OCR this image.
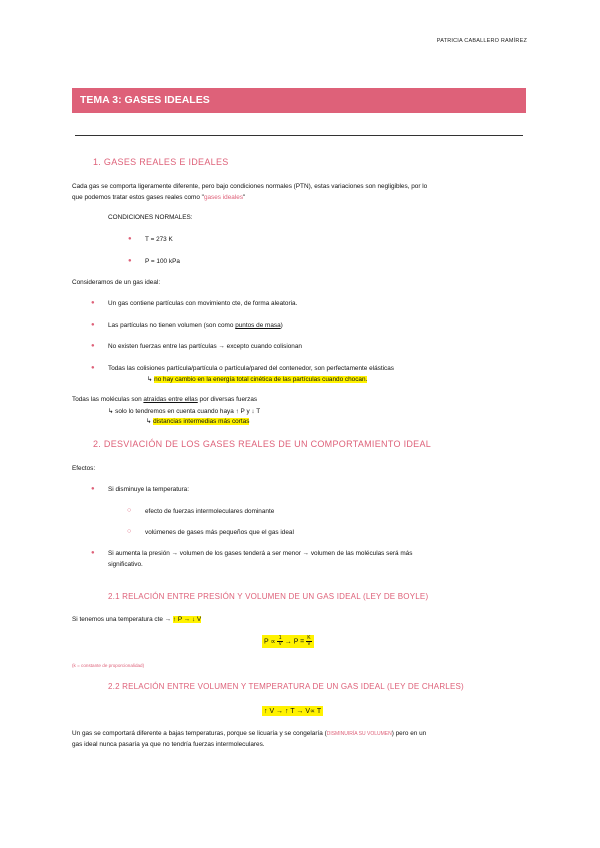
PATRICIA CABALLERO RAMÍREZ
TEMA 3: GASES IDEALES
1. GASES REALES E IDEALES
Cada gas se comporta ligeramente diferente, pero bajo condiciones normales (PTN), estas variaciones son negligibles, por lo
que podemos tratar estos gases reales como "gases ideales"
CONDICIONES NORMALES:
● T = 273 K
● P = 100 kPa
Consideramos de un gas ideal:
● Un gas contiene partículas con movimiento cte, de forma aleatoria.
● Las partículas no tienen volumen (son como puntos de masa)
● No existen fuerzas entre las partículas → excepto cuando colisionan
● Todas las colisiones partícula/partícula o partícula/pared del contenedor, son perfectamente elásticas
↳ no hay cambio en la energía total cinética de las partículas cuando chocan.
Todas las moléculas son atraídas entre ellas por diversas fuerzas
↳ solo lo tendremos en cuenta cuando haya ↑ P y ↓ T
↳ distancias intermedias más cortas
2. DESVIACIÓN DE LOS GASES REALES DE UN COMPORTAMIENTO IDEAL
Efectos:
● Si disminuye la temperatura:
○ efecto de fuerzas intermoleculares dominante
○ volúmenes de gases más pequeños que el gas ideal
● Si aumenta la presión → volumen de los gases tenderá a ser menor → volumen de las moléculas será más
significativo.
2.1 RELACIÓN ENTRE PRESIÓN Y VOLUMEN DE UN GAS IDEAL (LEY DE BOYLE)
Si tenemos una temperatura cte → ↑ P → ↓ V
$P \propto \frac{1}{V} \to P = \frac{K}{V}$
(k = constante de proporcionalidad)
2.2 RELACIÓN ENTRE VOLUMEN Y TEMPERATURA DE UN GAS IDEAL (LEY DE CHARLES)
↑ V → ↑ T → V∝ T
Un gas se comportará diferente a bajas temperaturas, porque se licuaría y se congelaría (DISMINUIRÍA SU VOLUMEN) pero en un
gas ideal nunca pasaría ya que no tendría fuerzas intermoleculares.
